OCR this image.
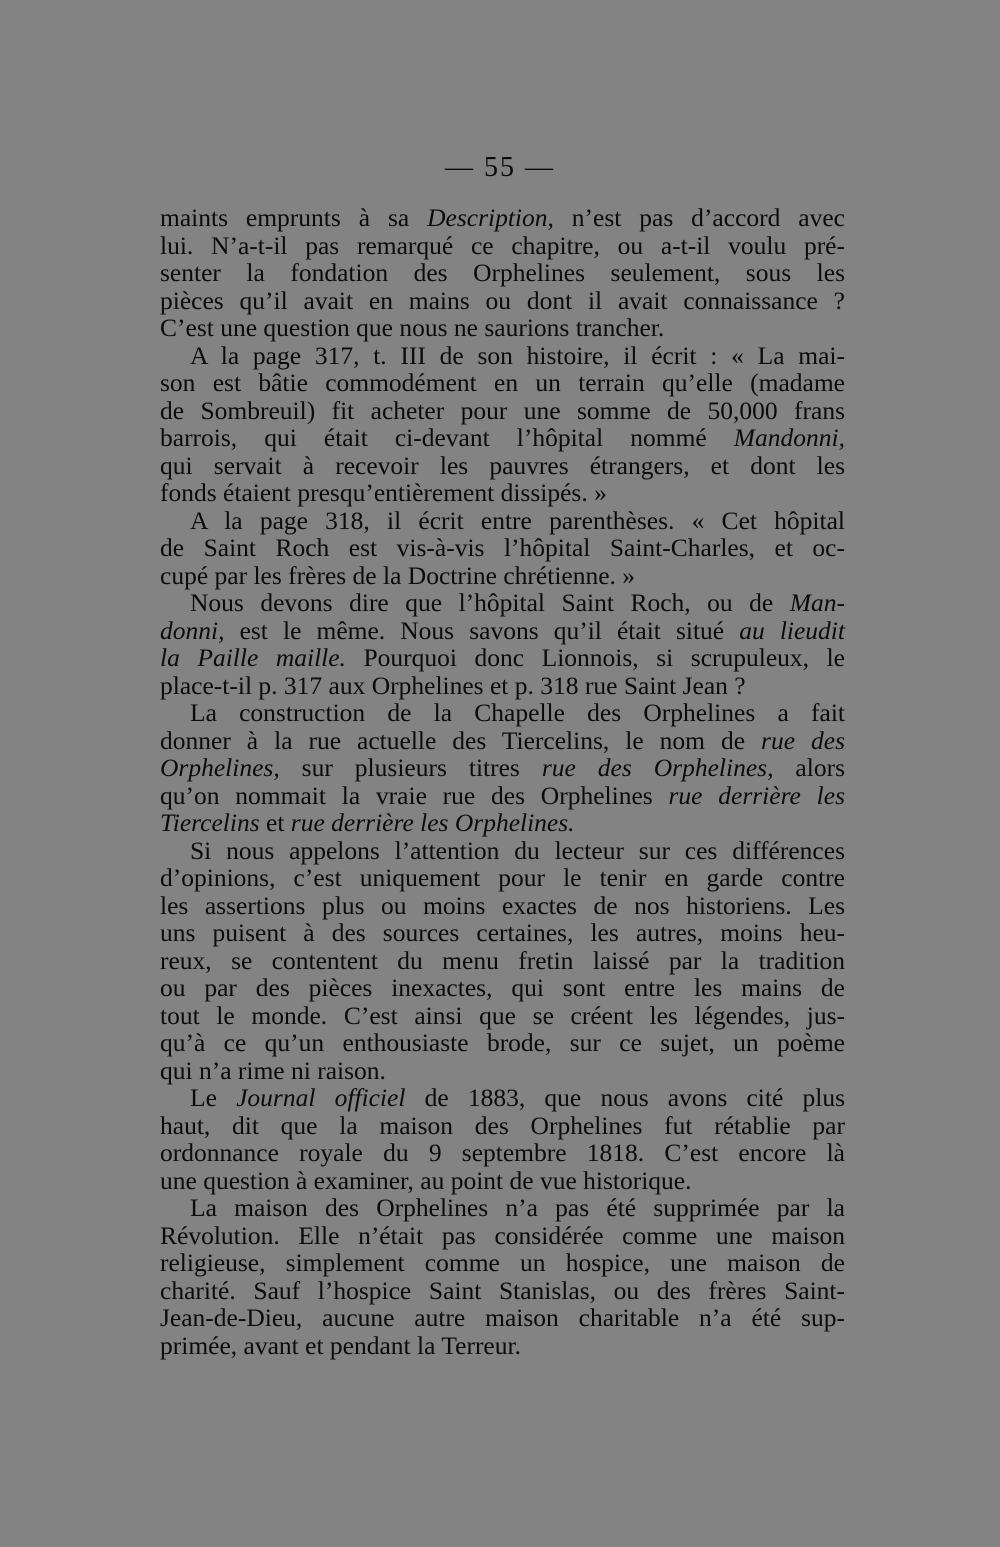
— 55 —
maints emprunts à sa Description, n’est pas d’accord avec
lui. N’a-t-il pas remarqué ce chapitre, ou a-t-il voulu pré-
senter la fondation des Orphelines seulement, sous les
pièces qu’il avait en mains ou dont il avait connaissance ?
C’est une question que nous ne saurions trancher.
A la page 317, t. III de son histoire, il écrit : « La mai-
son est bâtie commodément en un terrain qu’elle (madame
de Sombreuil) fit acheter pour une somme de 50,000 frans
barrois, qui était ci-devant l’hôpital nommé Mandonni,
qui servait à recevoir les pauvres étrangers, et dont les
fonds étaient presqu’entièrement dissipés. »
A la page 318, il écrit entre parenthèses. « Cet hôpital
de Saint Roch est vis-à-vis l’hôpital Saint-Charles, et oc-
cupé par les frères de la Doctrine chrétienne. »
Nous devons dire que l’hôpital Saint Roch, ou de Man-
donni, est le même. Nous savons qu’il était situé au lieudit
la Paille maille. Pourquoi donc Lionnois, si scrupuleux, le
place-t-il p. 317 aux Orphelines et p. 318 rue Saint Jean ?
La construction de la Chapelle des Orphelines a fait
donner à la rue actuelle des Tiercelins, le nom de rue des
Orphelines, sur plusieurs titres rue des Orphelines, alors
qu’on nommait la vraie rue des Orphelines rue derrière les
Tiercelins et rue derrière les Orphelines.
Si nous appelons l’attention du lecteur sur ces différences
d’opinions, c’est uniquement pour le tenir en garde contre
les assertions plus ou moins exactes de nos historiens. Les
uns puisent à des sources certaines, les autres, moins heu-
reux, se contentent du menu fretin laissé par la tradition
ou par des pièces inexactes, qui sont entre les mains de
tout le monde. C’est ainsi que se créent les légendes, jus-
qu’à ce qu’un enthousiaste brode, sur ce sujet, un poème
qui n’a rime ni raison.
Le Journal officiel de 1883, que nous avons cité plus
haut, dit que la maison des Orphelines fut rétablie par
ordonnance royale du 9 septembre 1818. C’est encore là
une question à examiner, au point de vue historique.
La maison des Orphelines n’a pas été supprimée par la
Révolution. Elle n’était pas considérée comme une maison
religieuse, simplement comme un hospice, une maison de
charité. Sauf l’hospice Saint Stanislas, ou des frères Saint-
Jean-de-Dieu, aucune autre maison charitable n’a été sup-
primée, avant et pendant la Terreur.
